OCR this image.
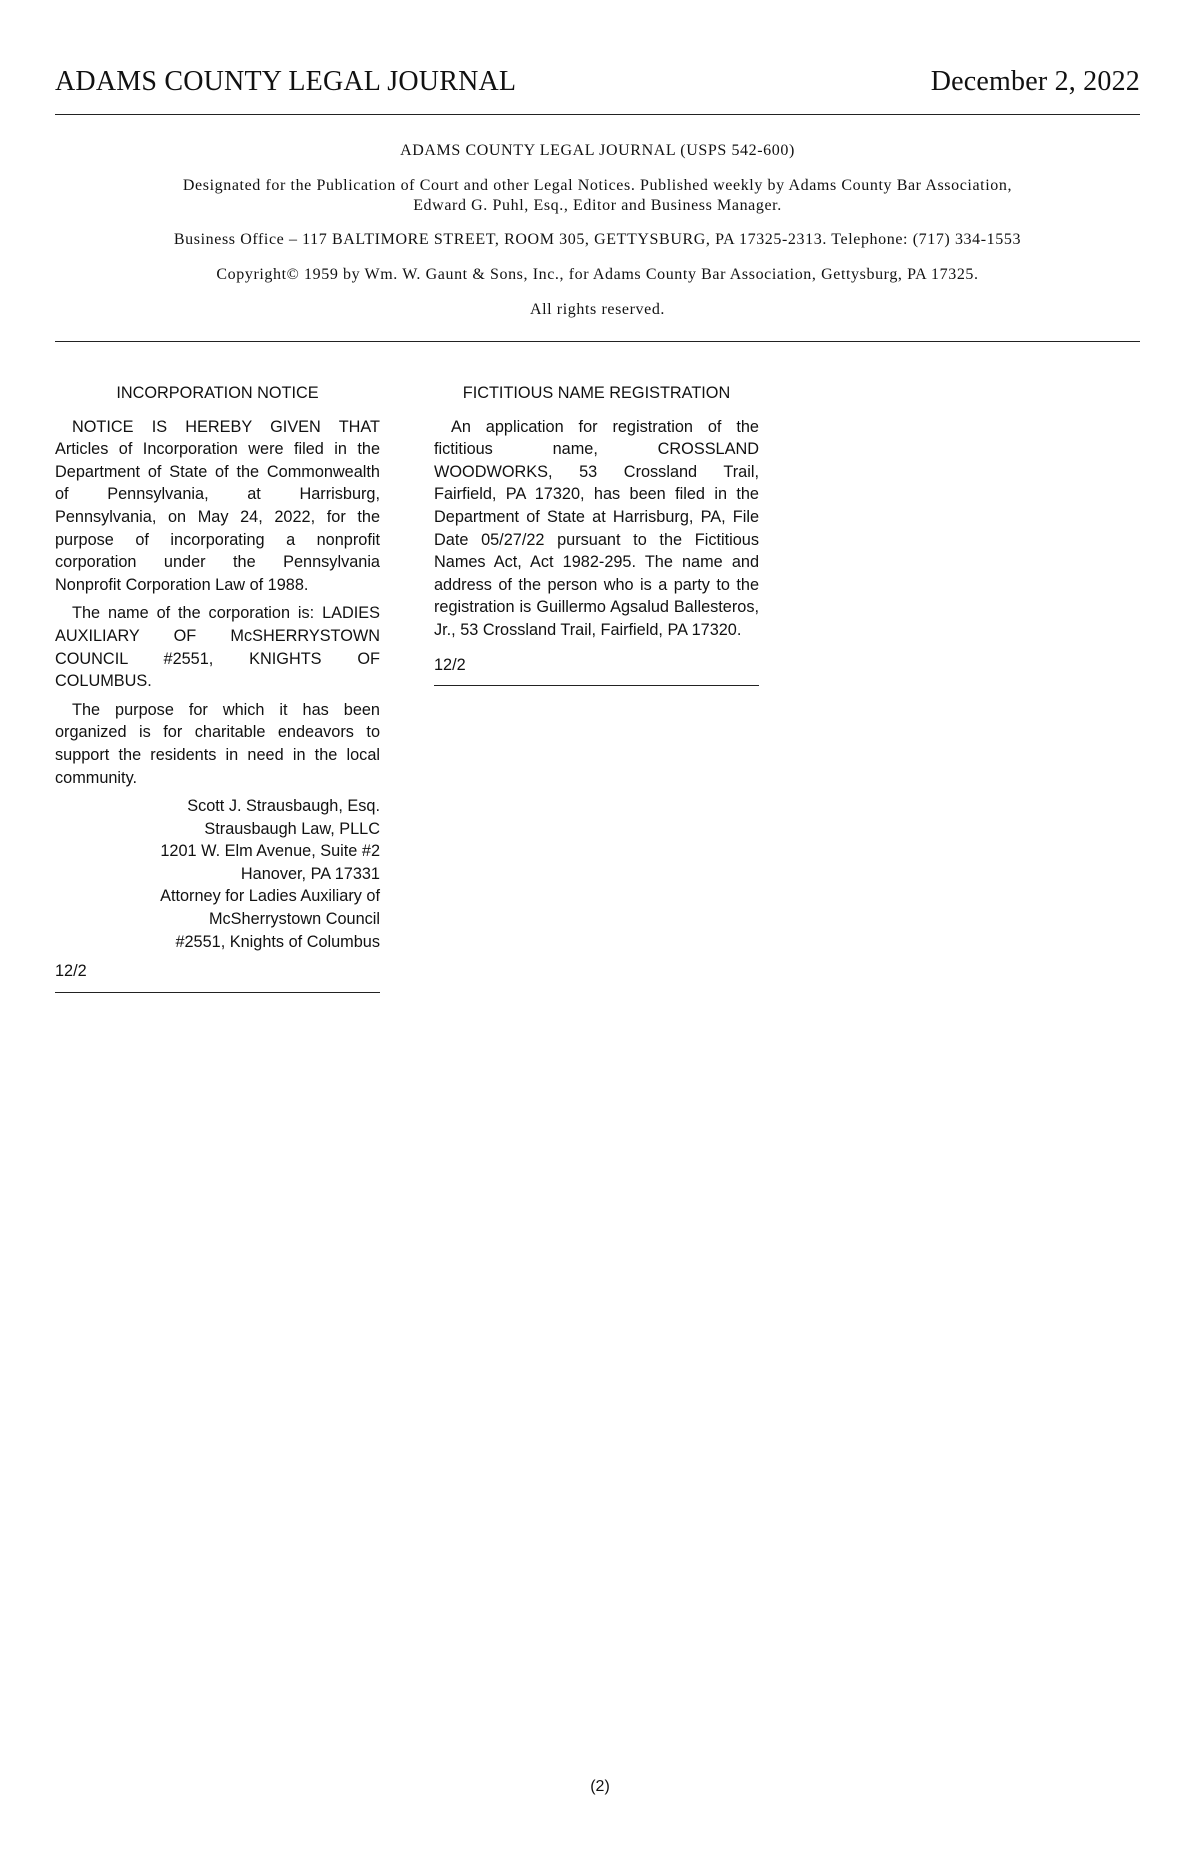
ADAMS COUNTY LEGAL JOURNAL	December 2, 2022

ADAMS COUNTY LEGAL JOURNAL (USPS 542-600)

Designated for the Publication of Court and other Legal Notices. Published weekly by Adams County Bar Association,

Edward G. Puhl, Esq., Editor and Business Manager.

Business Office – 117 BALTIMORE STREET, ROOM 305, GETTYSBURG, PA 17325-2313. Telephone: (717) 334-1553

Copyright© 1959 by Wm. W. Gaunt & Sons, Inc., for Adams County Bar Association, Gettysburg, PA 17325.

All rights reserved.

INCORPORATION NOTICE

NOTICE IS HEREBY GIVEN THAT Articles of Incorporation were filed in the Department of State of the Commonwealth of Pennsylvania, at Harrisburg, Pennsylvania, on May 24, 2022, for the purpose of incorporating a nonprofit corporation under the Pennsylvania Nonprofit Corporation Law of 1988.

The name of the corporation is: LADIES AUXILIARY OF McSHERRYSTOWN COUNCIL #2551, KNIGHTS OF COLUMBUS.

The purpose for which it has been organized is for charitable endeavors to support the residents in need in the local community.

Scott J. Strausbaugh, Esq.
Strausbaugh Law, PLLC
1201 W. Elm Avenue, Suite #2
Hanover, PA 17331
Attorney for Ladies Auxiliary of
McSherrystown Council
#2551, Knights of Columbus

12/2

FICTITIOUS NAME REGISTRATION

An application for registration of the fictitious name, CROSSLAND WOODWORKS, 53 Crossland Trail, Fairfield, PA 17320, has been filed in the Department of State at Harrisburg, PA, File Date 05/27/22 pursuant to the Fictitious Names Act, Act 1982-295. The name and address of the person who is a party to the registration is Guillermo Agsalud Ballesteros, Jr., 53 Crossland Trail, Fairfield, PA 17320.

12/2

(2)
